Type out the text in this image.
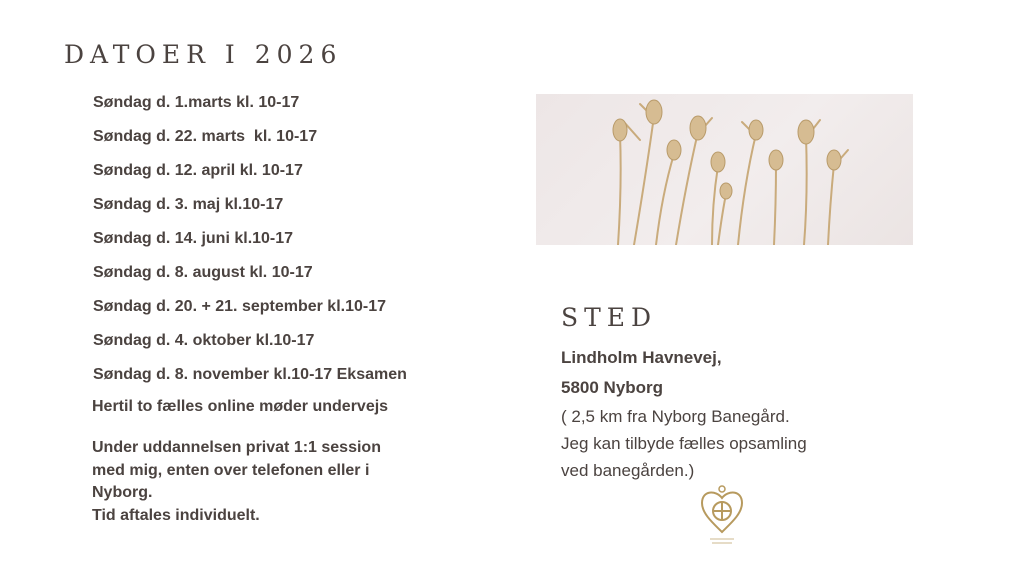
DATOER I 2026
Søndag d. 1.marts kl. 10-17
Søndag d. 22. marts  kl. 10-17
Søndag d. 12. april kl. 10-17
Søndag d. 3. maj kl.10-17
Søndag d. 14. juni kl.10-17
Søndag d. 8. august kl. 10-17
Søndag d. 20. + 21. september kl.10-17
Søndag d. 4. oktober kl.10-17
Søndag d. 8. november kl.10-17 Eksamen

Hertil to fælles online møder undervejs

Under uddannelsen privat 1:1 session
med mig, enten over telefonen eller i
Nyborg.
Tid aftales individuelt.

STED

Lindholm Havnevej,
5800 Nyborg
( 2,5 km fra Nyborg Banegård.
Jeg kan tilbyde fælles opsamling
ved banegården.)
